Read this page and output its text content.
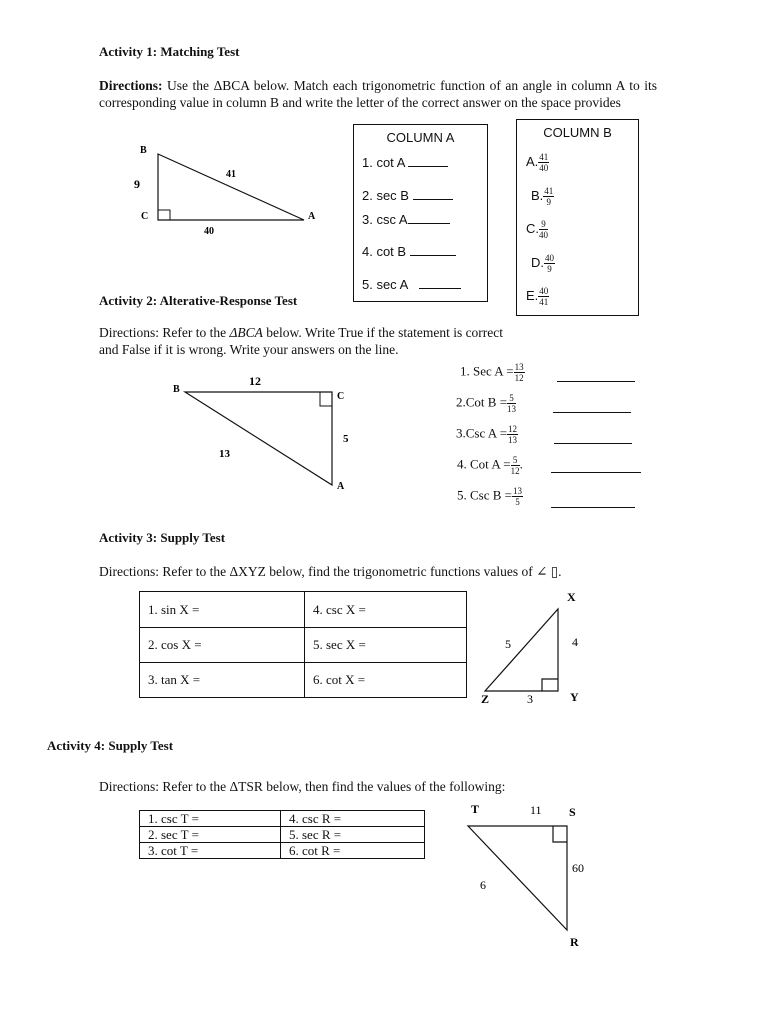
Activity 1: Matching Test
Directions: Use the ΔBCA below. Match each trigonometric function of an angle in column A to its corresponding value in column B and write the letter of the correct answer on the space provides
B
C	A
9
41
40
COLUMN A
1. cot A
2. sec B
3. csc A
4. cot B
5. sec A
COLUMN B
A. $\frac{41}{40}$
B. $\frac{41}{9}$
C. $\frac{9}{40}$
D. $\frac{40}{9}$
E. $\frac{40}{41}$
Activity 2: Alterative-Response Test
Directions: Refer to the ΔBCA below. Write True if the statement is correct
and False if it is wrong. Write your answers on the line.
B
C
A
12
5
13
1. Sec $A = \frac{13}{12}$
2.Cot $B = \frac{5}{13}$
3.Csc $A = \frac{12}{13}$
4. Cot $A = \frac{5}{12}$ .
5. Csc $B = \frac{13}{5}$
Activity 3: Supply Test
Directions: Refer to the ΔXYZ below, find the trigonometric functions values of ∠ ▯.
1. sin X =	4. csc X =
2. cos X =	5. sec X =
3. tan X =	6. cot X =
X
Y
Z
5	4
3
Activity 4: Supply Test
Directions: Refer to the ΔTSR below, then find the values of the following:
1. csc T =	4. csc R =
2. sec T =	5. sec R =
3. cot T =	6. cot R =
T	S
R
11
60
6
